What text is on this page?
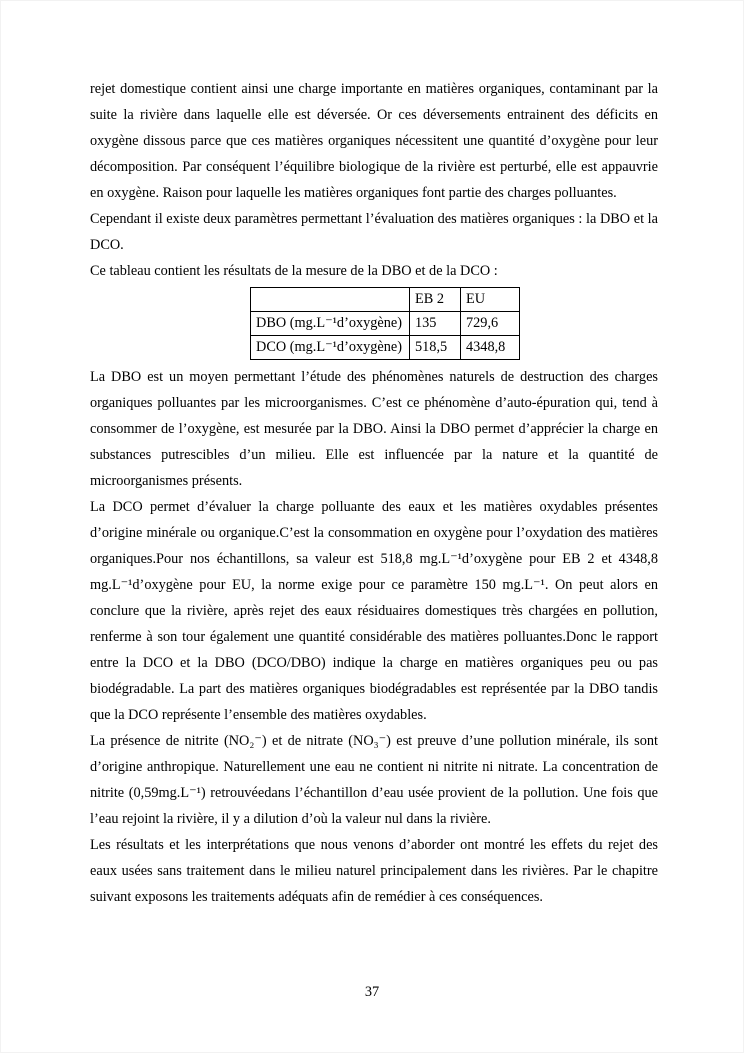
rejet domestique contient ainsi une charge importante en matières organiques, contaminant par la suite la rivière dans laquelle elle est déversée. Or ces déversements entrainent des déficits en oxygène dissous parce que ces matières organiques nécessitent une quantité d’oxygène pour leur décomposition. Par conséquent l’équilibre biologique de la rivière est perturbé, elle est appauvrie en oxygène. Raison pour laquelle les matières organiques font partie des charges polluantes.

Cependant il existe deux paramètres permettant l’évaluation des matières organiques : la DBO et la DCO.

Ce tableau contient les résultats de la mesure de la DBO et de la DCO :

	EB 2	EU
DBO (mg.L⁻¹d’oxygène)	135	729,6
DCO (mg.L⁻¹d’oxygène)	518,5	4348,8

La DBO est un moyen permettant l’étude des phénomènes naturels de destruction des charges organiques polluantes par les microorganismes. C’est ce phénomène d’auto-épuration qui, tend à consommer de l’oxygène, est mesurée par la DBO. Ainsi la DBO permet d’apprécier la charge en substances putrescibles d’un milieu. Elle est influencée par la nature et la quantité de microorganismes présents.

La DCO permet d’évaluer la charge polluante des eaux et les matières oxydables présentes d’origine minérale ou organique.C’est la consommation en oxygène pour l’oxydation des matières organiques.Pour nos échantillons, sa valeur est 518,8 mg.L⁻¹d’oxygène pour EB 2 et 4348,8 mg.L⁻¹d’oxygène pour EU, la norme exige pour ce paramètre 150 mg.L⁻¹. On peut alors en conclure que la rivière, après rejet des eaux résiduaires domestiques très chargées en pollution, renferme à son tour également une quantité considérable des matières polluantes.Donc le rapport entre la DCO et la DBO (DCO/DBO) indique la charge en matières organiques peu ou pas biodégradable. La part des matières organiques biodégradables est représentée par la DBO tandis que la DCO représente l’ensemble des matières oxydables.

La présence de nitrite (NO₂⁻) et de nitrate (NO₃⁻) est preuve d’une pollution minérale, ils sont d’origine anthropique. Naturellement une eau ne contient ni nitrite ni nitrate. La concentration de nitrite (0,59mg.L⁻¹) retrouvéedans l’échantillon d’eau usée provient de la pollution. Une fois que l’eau rejoint la rivière, il y a dilution d’où la valeur nul dans la rivière.

Les résultats et les interprétations que nous venons d’aborder ont montré les effets du rejet des eaux usées sans traitement dans le milieu naturel principalement dans les rivières. Par le chapitre suivant exposons les traitements adéquats afin de remédier à ces conséquences.

37
